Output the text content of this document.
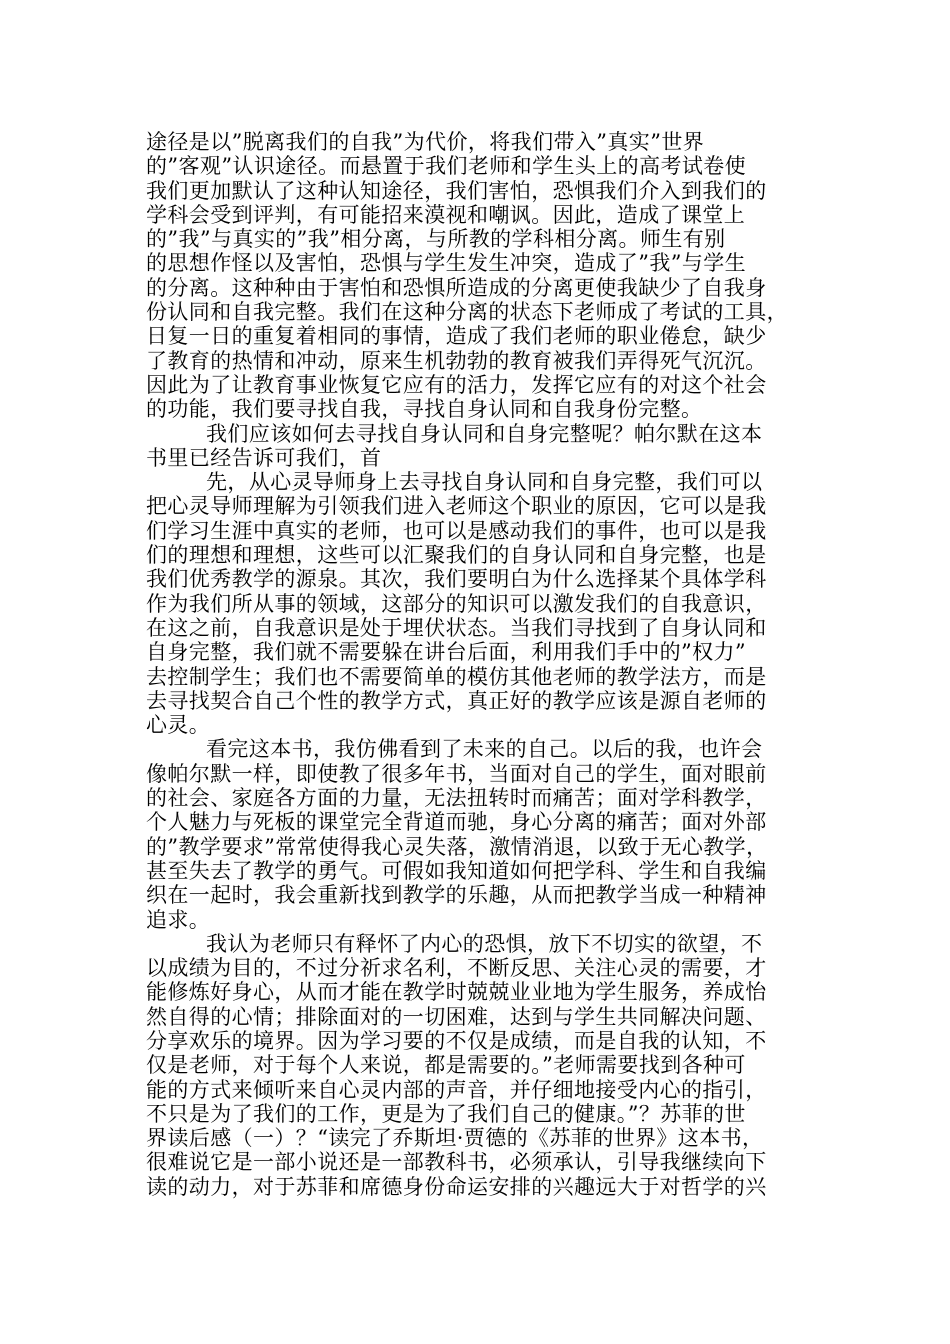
途径是以”脱离我们的自我”为代价，将我们带入”真实”世界
的”客观”认识途径。而悬置于我们老师和学生头上的高考试卷使
我们更加默认了这种认知途径，我们害怕，恐惧我们介入到我们的
学科会受到评判，有可能招来漠视和嘲讽。因此，造成了课堂上
的”我”与真实的”我”相分离，与所教的学科相分离。师生有别
的思想作怪以及害怕，恐惧与学生发生冲突，造成了”我”与学生
的分离。这种种由于害怕和恐惧所造成的分离更使我缺少了自我身
份认同和自我完整。我们在这种分离的状态下老师成了考试的工具，
日复一日的重复着相同的事情，造成了我们老师的职业倦怠，缺少
了教育的热情和冲动，原来生机勃勃的教育被我们弄得死气沉沉。
因此为了让教育事业恢复它应有的活力，发挥它应有的对这个社会
的功能，我们要寻找自我，寻找自身认同和自我身份完整。
我们应该如何去寻找自身认同和自身完整呢？帕尔默在这本
书里已经告诉可我们，首
先，从心灵导师身上去寻找自身认同和自身完整，我们可以
把心灵导师理解为引领我们进入老师这个职业的原因，它可以是我
们学习生涯中真实的老师，也可以是感动我们的事件，也可以是我
们的理想和理想，这些可以汇聚我们的自身认同和自身完整，也是
我们优秀教学的源泉。其次，我们要明白为什么选择某个具体学科
作为我们所从事的领域，这部分的知识可以激发我们的自我意识，
在这之前，自我意识是处于埋伏状态。当我们寻找到了自身认同和
自身完整，我们就不需要躲在讲台后面，利用我们手中的”权力”
去控制学生；我们也不需要简单的模仿其他老师的教学法方，而是
去寻找契合自己个性的教学方式，真正好的教学应该是源自老师的
心灵。
看完这本书，我仿佛看到了未来的自己。以后的我，也许会
像帕尔默一样，即使教了很多年书，当面对自己的学生，面对眼前
的社会、家庭各方面的力量，无法扭转时而痛苦；面对学科教学，
个人魅力与死板的课堂完全背道而驰，身心分离的痛苦；面对外部
的”教学要求”常常使得我心灵失落，激情消退，以致于无心教学，
甚至失去了教学的勇气。可假如我知道如何把学科、学生和自我编
织在一起时，我会重新找到教学的乐趣，从而把教学当成一种精神
追求。
我认为老师只有释怀了内心的恐惧，放下不切实的欲望，不
以成绩为目的，不过分祈求名利，不断反思、关注心灵的需要，才
能修炼好身心，从而才能在教学时兢兢业业地为学生服务，养成怡
然自得的心情；排除面对的一切困难，达到与学生共同解决问题、
分享欢乐的境界。因为学习要的不仅是成绩，而是自我的认知，不
仅是老师，对于每个人来说，都是需要的。”老师需要找到各种可
能的方式来倾听来自心灵内部的声音，并仔细地接受内心的指引，
不只是为了我们的工作，更是为了我们自己的健康。”？苏菲的世
界读后感（一）？“读完了乔斯坦·贾德的《苏菲的世界》这本书，
很难说它是一部小说还是一部教科书，必须承认，引导我继续向下
读的动力，对于苏菲和席德身份命运安排的兴趣远大于对哲学的兴
